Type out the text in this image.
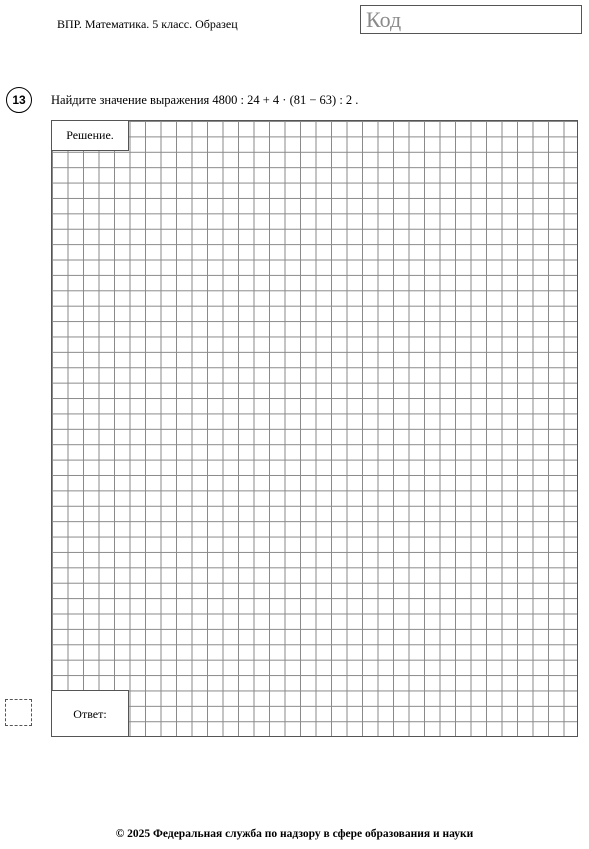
ВПР. Математика. 5 класс. Образец	Код
13	Найдите значение выражения 4800 : 24 + 4 · (81 − 63) : 2 .
Решение.
Ответ:
© 2025 Федеральная служба по надзору в сфере образования и науки
